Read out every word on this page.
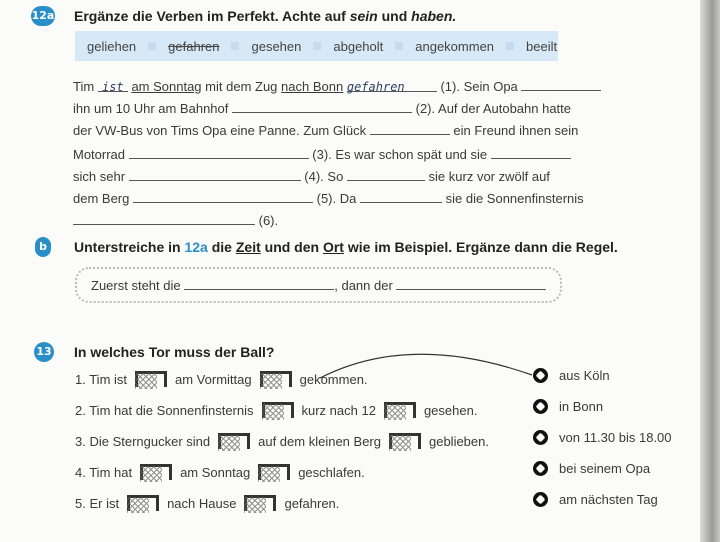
12a Ergänze die Verben im Perfekt. Achte auf sein und haben.
geliehen gefahren gesehen abgeholt angekommen beeilt
Tim ist am Sonntag mit dem Zug nach Bonn gefahren	(1). Sein Opa
ihn um 10 Uhr am Bahnhof	(2). Auf der Autobahn hatte
der VW-Bus von Tims Opa eine Panne. Zum Glück	ein Freund ihnen sein
Motorrad	(3). Es war schon spät und sie
sich sehr	(4). So	sie kurz vor zwölf auf
dem Berg	(5). Da	sie die Sonnenfinsternis
(6).
b Unterstreiche in 12a die Zeit und den Ort wie im Beispiel. Ergänze dann die Regel.
Zuerst steht die	, dann der
13 In welches Tor muss der Ball?
1. Tim ist	am Vormittag	gekommen.
2. Tim hat die Sonnenfinsternis	kurz nach 12	gesehen.
3. Die Sterngucker sind	auf dem kleinen Berg	geblieben.
4. Tim hat	am Sonntag	geschlafen.
5. Er ist	nach Hause	gefahren.
aus Köln
in Bonn
von 11.30 bis 18.00
bei seinem Opa
am nächsten Tag
